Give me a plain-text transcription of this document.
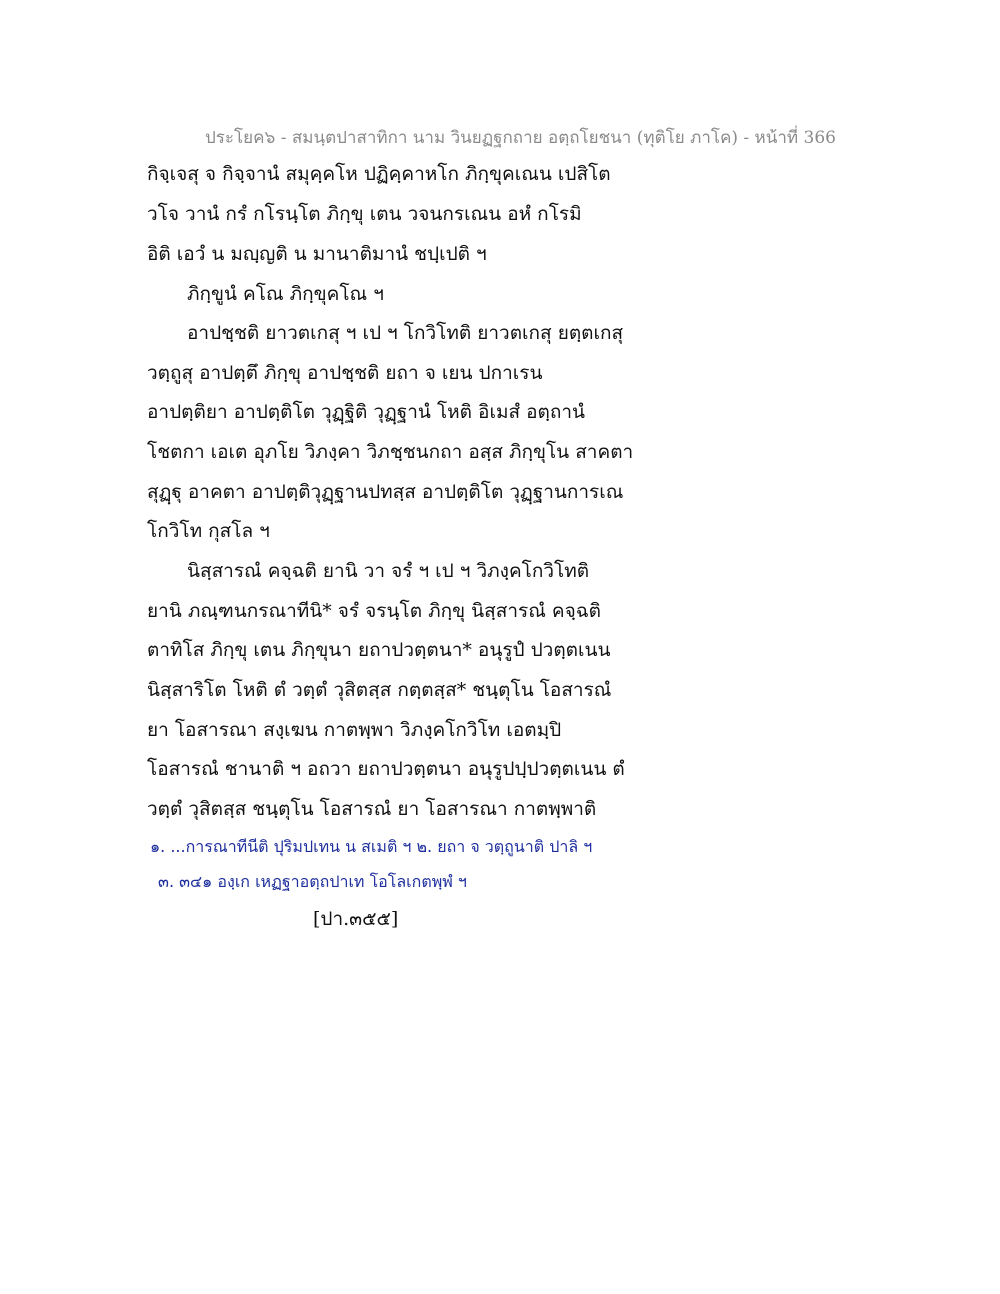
ประโยค๖ - สมนฺตปาสาทิกา นาม วินยฏฐกถาย อตฺถโยชนา (ทุติโย ภาโค) - หน้าที่ 366
กิจฺเจสุ จ กิจฺจานํ สมุคฺคโห ปฏิคฺคาหโก ภิกฺขุคเณน เปสิโต
วโจ วานํ กรํ กโรนฺโต ภิกฺขุ เตน วจนกรเณน อหํ กโรมิ
อิติ เอวํ น มญฺญติ น มานาติมานํ ชปฺเปติ ฯ
ภิกฺขูนํ คโณ ภิกฺขุคโณ ฯ
อาปชฺชติ ยาวตเกสุ ฯ เป ฯ โกวิโทติ ยาวตเกสุ ยตฺตเกสุ
วตฺถูสุ อาปตฺตึ ภิกฺขุ อาปชฺชติ ยถา จ เยน ปกาเรน
อาปตฺติยา อาปตฺติโต วุฏฺฐิติ วุฏฺฐานํ โหติ อิเมสํ อตฺถานํ
โชตกา เอเต อุภโย วิภงฺคา วิภชฺชนกถา อสฺส ภิกฺขุโน สาคตา
สุฏฺฐุ อาคตา อาปตฺติวุฏฺฐานปทสฺส อาปตฺติโต วุฏฺฐานการเณ
โกวิโท กุสโล ฯ
นิสฺสารณํ คจฺฉติ ยานิ วา จรํ ฯ เป ฯ วิภงฺคโกวิโทติ
ยานิ ภณฺฑนกรณาทีนิ* จรํ จรนฺโต ภิกฺขุ นิสฺสารณํ คจฺฉติ
ตาทิโส ภิกฺขุ เตน ภิกฺขุนา ยถาปวตฺตนา* อนุรูปํ ปวตฺตเนน
นิสฺสาริโต โหติ ตํ วตฺตํ วุสิตสฺส กตฺตสฺส* ชนฺตุโน โอสารณํ
ยา โอสารณา สงฺเฆน กาตพฺพา วิภงฺคโกวิโท เอตมฺปิ
โอสารณํ ชานาติ ฯ อถวา ยถาปวตฺตนา อนุรูปปฺปวตฺตเนน ตํ
วตฺตํ วุสิตสฺส ชนฺตุโน โอสารณํ ยา โอสารณา กาตพฺพาติ
๑. ...การณาทีนีติ ปุริมปเทน น สเมติ ฯ ๒. ยถา จ วตฺถูนาติ ปาลิ ฯ
๓. ๓๔๑ องฺเก เหฏฐาอตฺถปาเท โอโลเกตพฺพํ ฯ
[ปา.๓๕๕]
